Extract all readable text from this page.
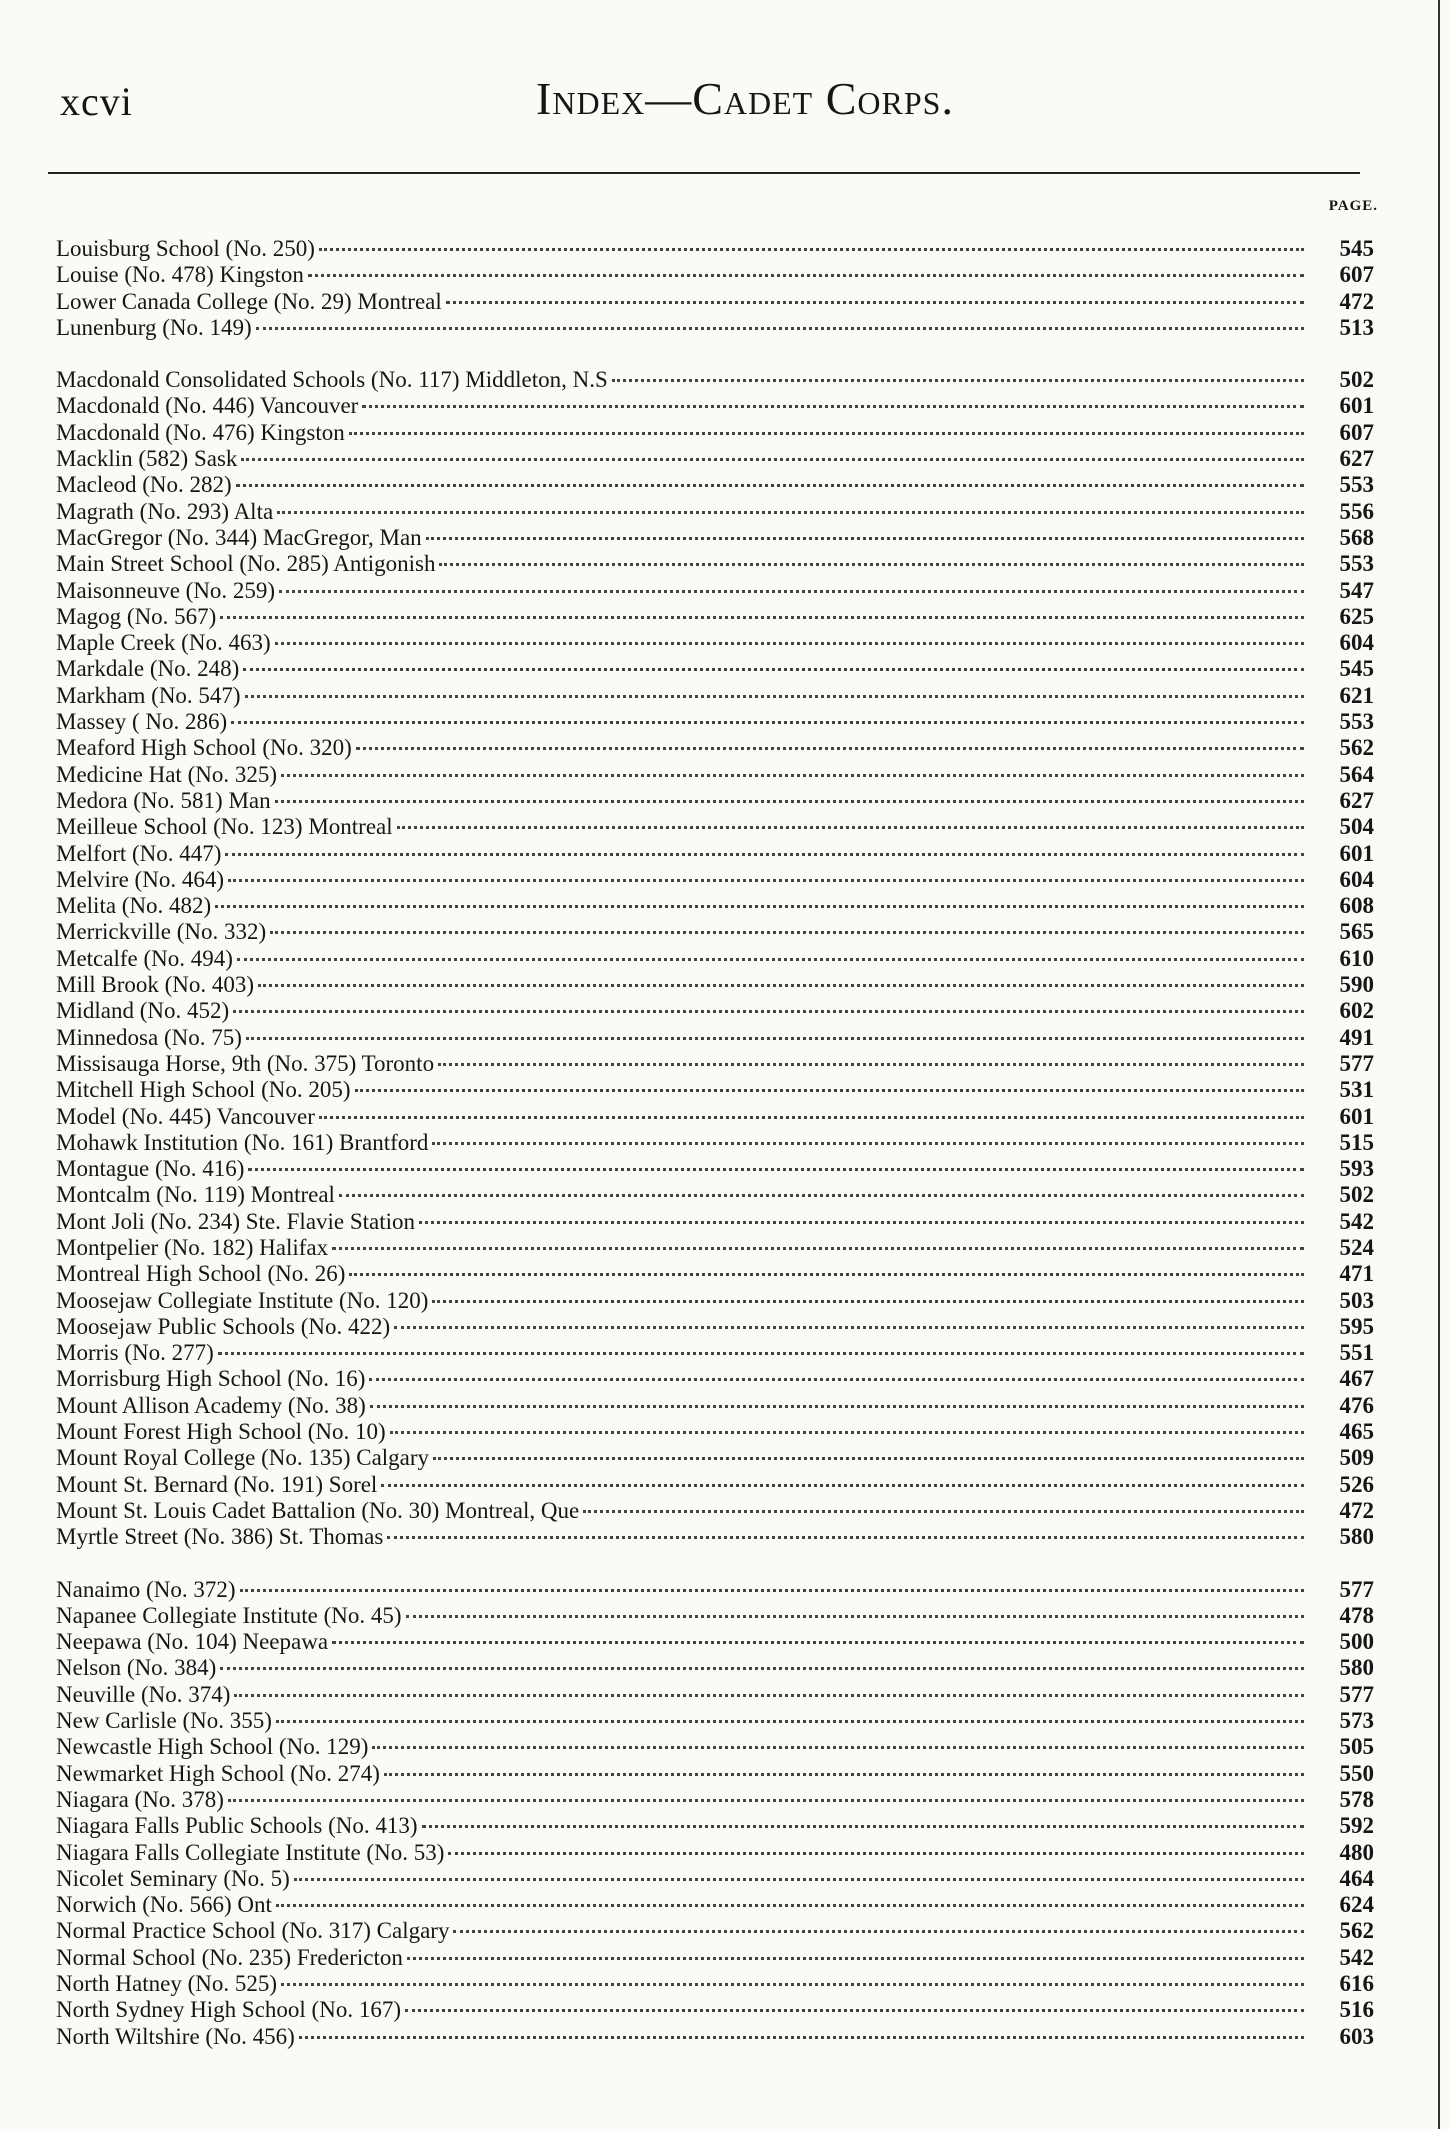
xcvi	Index—Cadet Corps.
PAGE.
Louisburg School (No. 250)	545
Louise (No. 478) Kingston	607
Lower Canada College (No. 29) Montreal	472
Lunenburg (No. 149)	513
Macdonald Consolidated Schools (No. 117) Middleton, N.S	502
Macdonald (No. 446) Vancouver	601
Macdonald (No. 476) Kingston	607
Macklin (582) Sask	627
Macleod (No. 282)	553
Magrath (No. 293) Alta	556
MacGregor (No. 344) MacGregor, Man	568
Main Street School (No. 285) Antigonish	553
Maisonneuve (No. 259)	547
Magog (No. 567)	625
Maple Creek (No. 463)	604
Markdale (No. 248)	545
Markham (No. 547)	621
Massey ( No. 286)	553
Meaford High School (No. 320)	562
Medicine Hat (No. 325)	564
Medora (No. 581) Man	627
Meilleue School (No. 123) Montreal	504
Melfort (No. 447)	601
Melvire (No. 464)	604
Melita (No. 482)	608
Merrickville (No. 332)	565
Metcalfe (No. 494)	610
Mill Brook (No. 403)	590
Midland (No. 452)	602
Minnedosa (No. 75)	491
Missisauga Horse, 9th (No. 375) Toronto	577
Mitchell High School (No. 205)	531
Model (No. 445) Vancouver	601
Mohawk Institution (No. 161) Brantford	515
Montague (No. 416)	593
Montcalm (No. 119) Montreal	502
Mont Joli (No. 234) Ste. Flavie Station	542
Montpelier (No. 182) Halifax	524
Montreal High School (No. 26)	471
Moosejaw Collegiate Institute (No. 120)	503
Moosejaw Public Schools (No. 422)	595
Morris (No. 277)	551
Morrisburg High School (No. 16)	467
Mount Allison Academy (No. 38)	476
Mount Forest High School (No. 10)	465
Mount Royal College (No. 135) Calgary	509
Mount St. Bernard (No. 191) Sorel	526
Mount St. Louis Cadet Battalion (No. 30) Montreal, Que	472
Myrtle Street (No. 386) St. Thomas	580
Nanaimo (No. 372)	577
Napanee Collegiate Institute (No. 45)	478
Neepawa (No. 104) Neepawa	500
Nelson (No. 384)	580
Neuville (No. 374)	577
New Carlisle (No. 355)	573
Newcastle High School (No. 129)	505
Newmarket High School (No. 274)	550
Niagara (No. 378)	578
Niagara Falls Public Schools (No. 413)	592
Niagara Falls Collegiate Institute (No. 53)	480
Nicolet Seminary (No. 5)	464
Norwich (No. 566) Ont	624
Normal Practice School (No. 317) Calgary	562
Normal School (No. 235) Fredericton	542
North Hatney (No. 525)	616
North Sydney High School (No. 167)	516
North Wiltshire (No. 456)	603
